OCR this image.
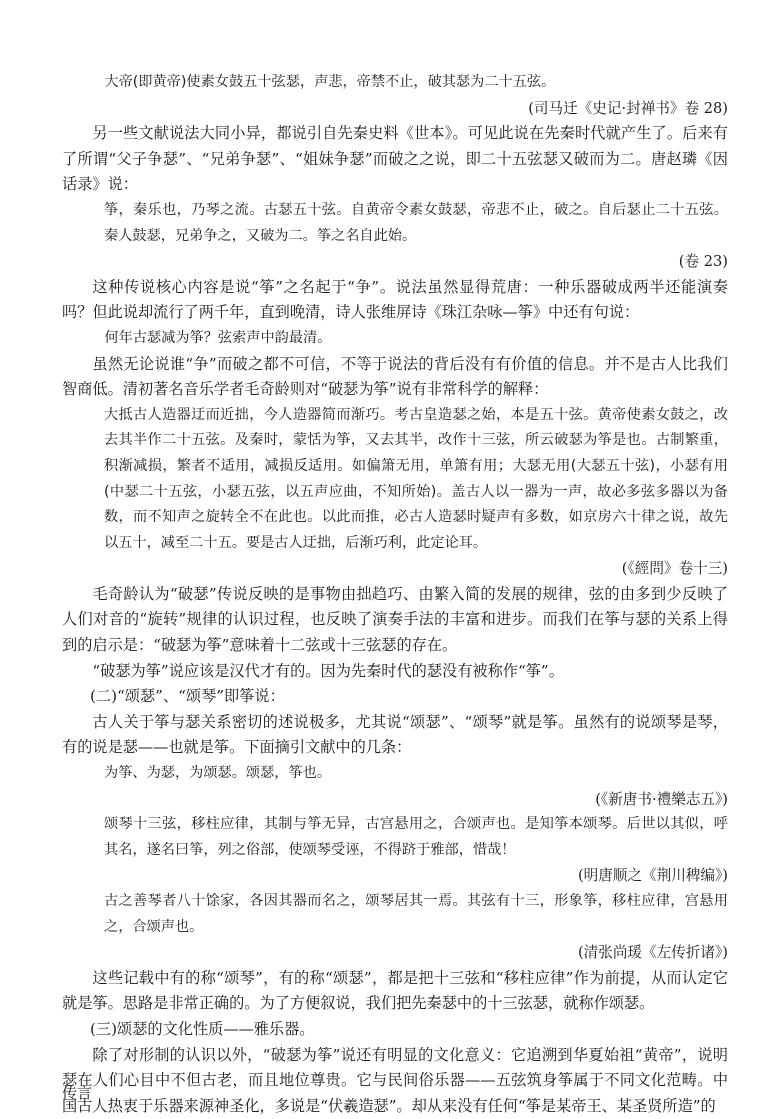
大帝(即黄帝)使素女鼓五十弦瑟，声悲，帝禁不止，破其瑟为二十五弦。

(司马迁《史记·封禅书》卷 28)

另一些文献说法大同小异，都说引自先秦史料《世本》。可见此说在先秦时代就产生了。后来有了所谓“父子争瑟”、“兄弟争瑟”、“姐妹争瑟”而破之之说，即二十五弦瑟又破而为二。唐赵璘《因话录》说：

筝，秦乐也，乃琴之流。古瑟五十弦。自黄帝令素女鼓瑟，帝悲不止，破之。自后瑟止二十五弦。秦人鼓瑟，兄弟争之，又破为二。筝之名自此始。

(卷 23)

这种传说核心内容是说“筝”之名起于“争”。说法虽然显得荒唐：一种乐器破成两半还能演奏吗？但此说却流行了两千年，直到晚清，诗人张维屏诗《珠江杂咏—筝》中还有句说：

何年古瑟减为筝？弦索声中韵最清。

虽然无论说谁“争”而破之都不可信，不等于说法的背后没有有价值的信息。并不是古人比我们智商低。清初著名音乐学者毛奇龄则对“破瑟为筝”说有非常科学的解释：

大抵古人造器迂而近拙，今人造器简而渐巧。考古皇造瑟之始，本是五十弦。黄帝使素女鼓之，改去其半作二十五弦。及秦时，蒙恬为筝，又去其半，改作十三弦，所云破瑟为筝是也。古制繁重，积渐减损，繁者不适用，减损反适用。如偏箫无用，单箫有用；大瑟无用(大瑟五十弦)，小瑟有用(中瑟二十五弦，小瑟五弦，以五声应曲，不知所始)。盖古人以一器为一声，故必多弦多器以为备数，而不知声之旋转全不在此也。以此而推，必古人造瑟时疑声有多数，如京房六十律之说，故先以五十，减至二十五。要是古人迂拙，后渐巧利，此定论耳。

(《經問》卷十三)

毛奇龄认为“破瑟”传说反映的是事物由拙趋巧、由繁入简的发展的规律，弦的由多到少反映了人们对音的“旋转”规律的认识过程，也反映了演奏手法的丰富和进步。而我们在筝与瑟的关系上得到的启示是：“破瑟为筝”意味着十二弦或十三弦瑟的存在。

“破瑟为筝”说应该是汉代才有的。因为先秦时代的瑟没有被称作“筝”。

(二)“颂瑟”、“颂琴”即筝说：

古人关于筝与瑟关系密切的述说极多，尤其说“颂瑟”、“颂琴”就是筝。虽然有的说颂琴是琴，有的说是瑟——也就是筝。下面摘引文献中的几条：

为筝、为瑟，为颂瑟。颂瑟，筝也。

(《新唐书·禮樂志五》)

颂琴十三弦，移柱应律，其制与筝无异，古宫悬用之，合颂声也。是知筝本颂琴。后世以其似，呼其名，遂名曰筝，列之俗部，使颂琴受诬，不得跻于雅部，惜哉！

(明唐顺之《荆川稗编》)

古之善琴者八十馀家，各因其器而名之，颂琴居其一焉。其弦有十三，形象筝，移柱应律，宫悬用之，合颂声也。

(清张尚瑗《左传折诸》)

这些记载中有的称“颂琴”，有的称“颂瑟”，都是把十三弦和“移柱应律”作为前提，从而认定它就是筝。思路是非常正确的。为了方便叙说，我们把先秦瑟中的十三弦瑟，就称作颂瑟。

(三)颂瑟的文化性质——雅乐器。

除了对形制的认识以外，“破瑟为筝”说还有明显的文化意义：它追溯到华夏始祖“黄帝”，说明瑟在人们心目中不但古老，而且地位尊贵。它与民间俗乐器——五弦筑身筝属于不同文化范畴。中国古人热衷于乐器来源神圣化，多说是“伏羲造瑟”。却从来没有任何“筝是某帝王、某圣贤所造”的

传言
